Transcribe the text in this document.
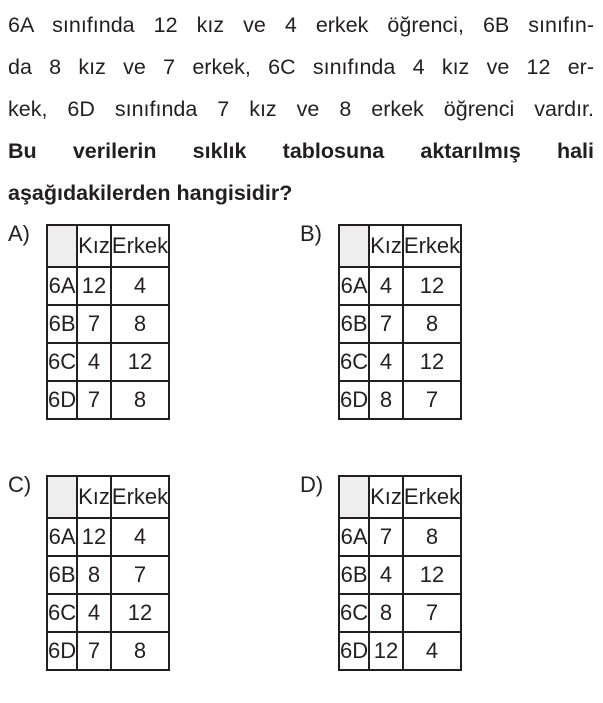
6A sınıfında 12 kız ve 4 erkek öğrenci, 6B sınıfın-
da 8 kız ve 7 erkek, 6C sınıfında 4 kız ve 12 er-
kek, 6D sınıfında 7 kız ve 8 erkek öğrenci vardır.
Bu verilerin sıklık tablosuna aktarılmış hali
aşağıdakilerden hangisidir?
A)
	Kız	Erkek
6A	12	4
6B	7	8
6C	4	12
6D	7	8
B)
	Kız	Erkek
6A	4	12
6B	7	8
6C	4	12
6D	8	7
C)
	Kız	Erkek
6A	12	4
6B	8	7
6C	4	12
6D	7	8
D)
	Kız	Erkek
6A	7	8
6B	4	12
6C	8	7
6D	12	4
